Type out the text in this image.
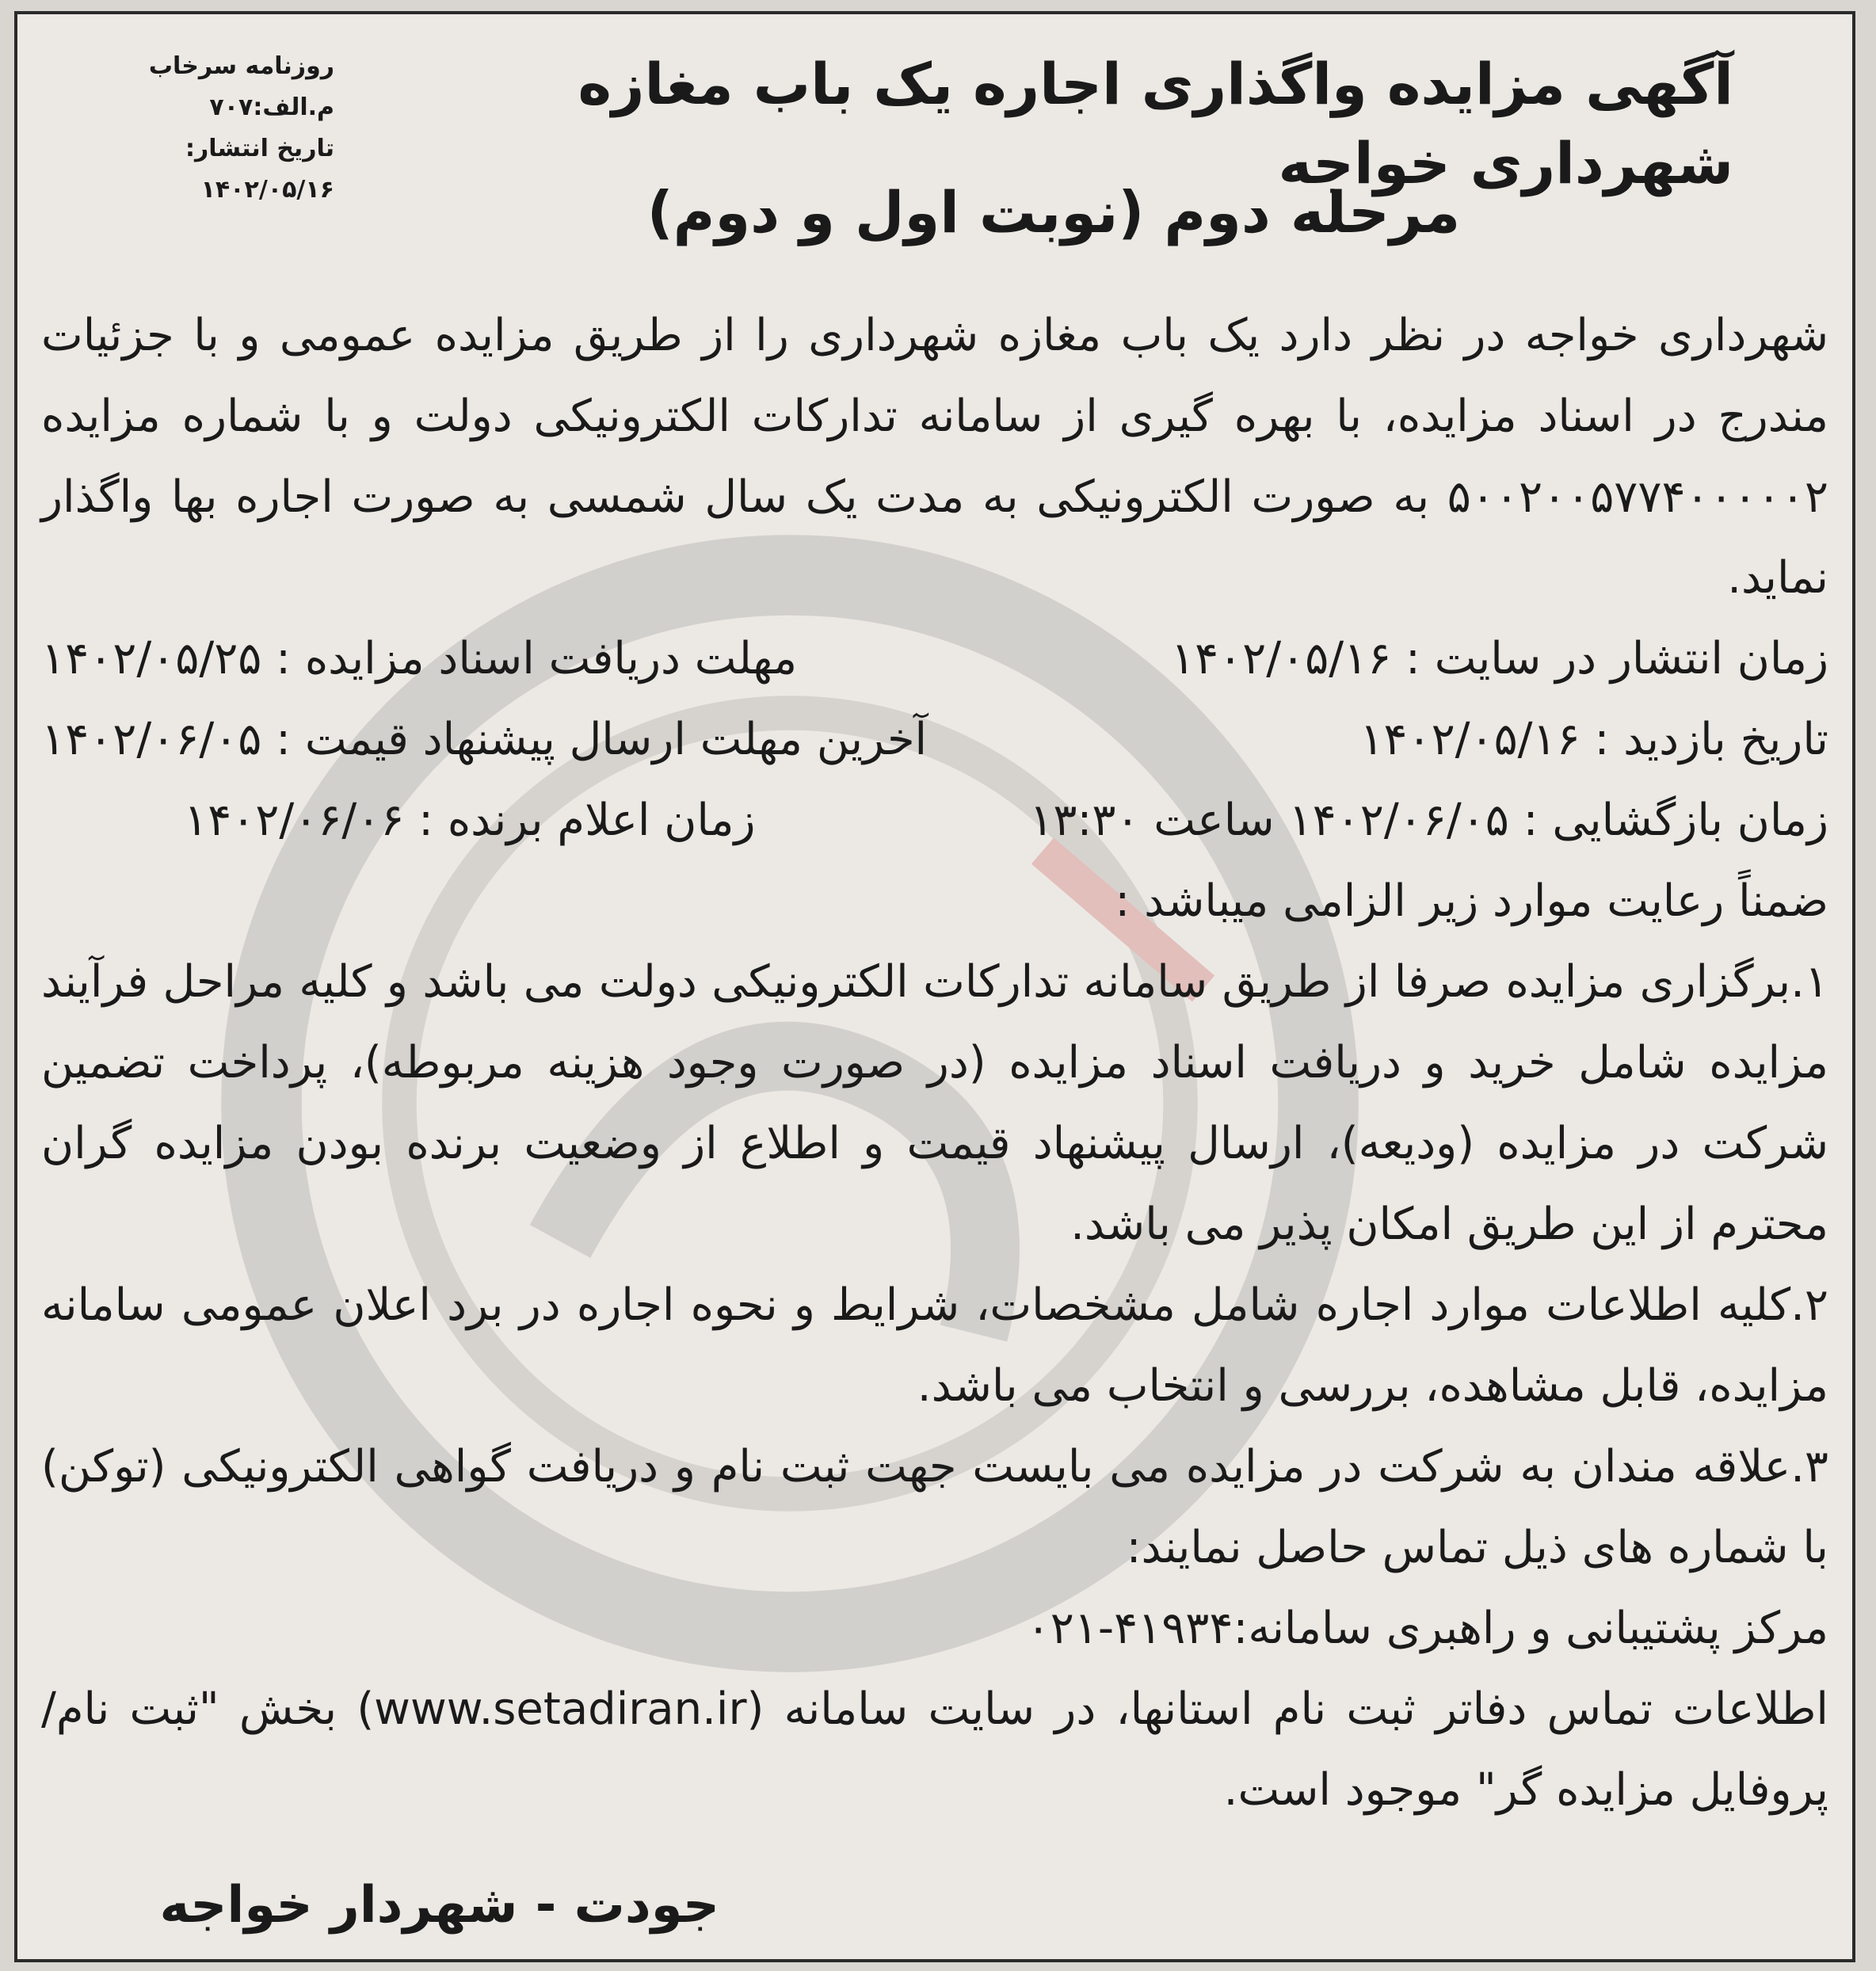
روزنامه سرخاب
م.الف:۷۰۷
تاریخ انتشار: ۱۴۰۲/۰۵/۱۶
آگهی مزایده واگذاری اجاره یک باب مغازه شهرداری خواجه
مرحله دوم (نوبت اول و دوم)

شهرداری خواجه در نظر دارد یک باب مغازه شهرداری را از طریق مزایده عمومی و با جزئیات مندرج در اسناد مزایده، با بهره گیری از سامانه تدارکات الکترونیکی دولت و با شماره مزایده ۵۰۰۲۰۰۵۷۷۴۰۰۰۰۰۲ به صورت الکترونیکی به مدت یک سال شمسی به صورت اجاره بها واگذار نماید.

زمان انتشار در سایت : ۱۴۰۲/۰۵/۱۶
مهلت دریافت اسناد مزایده : ۱۴۰۲/۰۵/۲۵
تاریخ بازدید : ۱۴۰۲/۰۵/۱۶
آخرین مهلت ارسال پیشنهاد قیمت : ۱۴۰۲/۰۶/۰۵
زمان بازگشایی : ۱۴۰۲/۰۶/۰۵ ساعت ۱۳:۳۰
زمان اعلام برنده : ۱۴۰۲/۰۶/۰۶

ضمناً رعایت موارد زیر الزامی میباشد :

۱.برگزاری مزایده صرفا از طریق سامانه تدارکات الکترونیکی دولت می باشد و کلیه مراحل فرآیند مزایده شامل خرید و دریافت اسناد مزایده (در صورت وجود هزینه مربوطه)، پرداخت تضمین شرکت در مزایده (ودیعه)، ارسال پیشنهاد قیمت و اطلاع از وضعیت برنده بودن مزایده گران محترم از این طریق امکان پذیر می باشد.

۲.کلیه اطلاعات موارد اجاره شامل مشخصات، شرایط و نحوه اجاره در برد اعلان عمومی سامانه مزایده، قابل مشاهده، بررسی و انتخاب می باشد.

۳.علاقه مندان به شرکت در مزایده می بایست جهت ثبت نام و دریافت گواهی الکترونیکی (توکن) با شماره های ذیل تماس حاصل نمایند:

مرکز پشتیبانی و راهبری سامانه:۰۲۱-۴۱۹۳۴

اطلاعات تماس دفاتر ثبت نام استانها، در سایت سامانه (www.setadiran.ir) بخش "ثبت نام/پروفایل مزایده گر" موجود است.

جودت - شهردار خواجه
